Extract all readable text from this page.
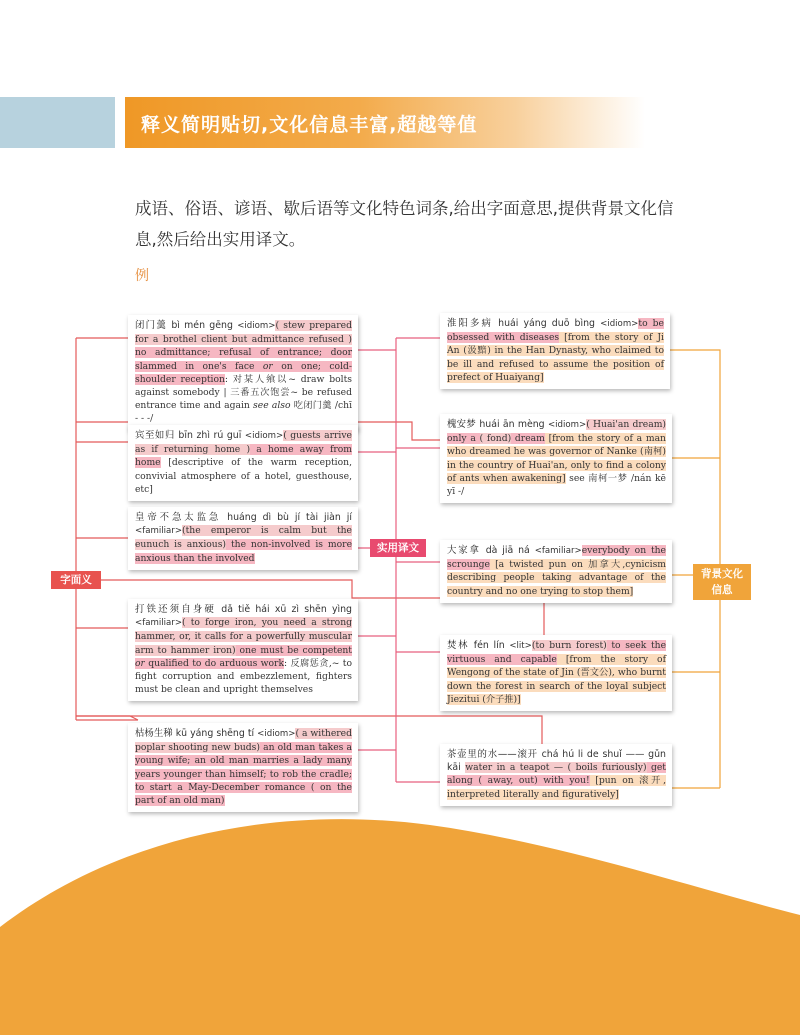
释义简明贴切,文化信息丰富,超越等值
成语、俗语、谚语、歇后语等文化特色词条,给出字面意思,提供背景文化信息,然后给出实用译文。
例
闭门羹 bì mén gēng <idiom>( stew prepared for a brothel client but admittance refused ) no admittance; refusal of entrance; door slammed in one's face or on one; cold-shoulder reception: 对某人飨以~ draw bolts against somebody | 三番五次饱尝~ be refused entrance time and again see also 吃闭门羹 /chī - - -/
宾至如归 bīn zhì rú guī <idiom>( guests arrive as if returning home ) a home away from home [descriptive of the warm reception, convivial atmosphere of a hotel, guesthouse, etc]
皇帝不急太监急 huáng dì bù jí tài jiàn jí <familiar>(the emperor is calm but the eunuch is anxious) the non-involved is more anxious than the involved
打铁还须自身硬 dǎ tiě hái xū zì shēn yìng <familiar>( to forge iron, you need a strong hammer, or, it calls for a powerfully muscular arm to hammer iron) one must be competent or qualified to do arduous work: 反腐惩贪,~ to fight corruption and embezzlement, fighters must be clean and upright themselves
枯杨生稊 kū yáng shēng tí <idiom>( a withered poplar shooting new buds) an old man takes a young wife; an old man marries a lady many years younger than himself; to rob the cradle; to start a May-December romance ( on the part of an old man)
淮阳多病 huái yáng duō bìng <idiom>to be obsessed with diseases [from the story of Ji An (汲黯) in the Han Dynasty, who claimed to be ill and refused to assume the position of prefect of Huaiyang]
槐安梦 huái ān mèng <idiom>( Huai'an dream) only a ( fond) dream [from the story of a man who dreamed he was governor of Nanke (南柯) in the country of Huai'an, only to find a colony of ants when awakening] see 南柯一梦 /nán kē yī -/
大家拿 dà jiā ná <familiar>everybody on the scrounge [a twisted pun on 加拿大,cynicism describing people taking advantage of the country and no one trying to stop them]
焚林 fén lín <lit>(to burn forest) to seek the virtuous and capable [from the story of Wengong of the state of Jin (晋文公), who burnt down the forest in search of the loyal subject Jiezitui (介子推)]
茶壶里的水——滚开 chá hú li de shuǐ —— gǔn kāi water in a teapot — ( boils furiously) get along ( away, out) with you! [pun on 滚开, interpreted literally and figuratively]
字面义
实用译文
背景文化
信息
